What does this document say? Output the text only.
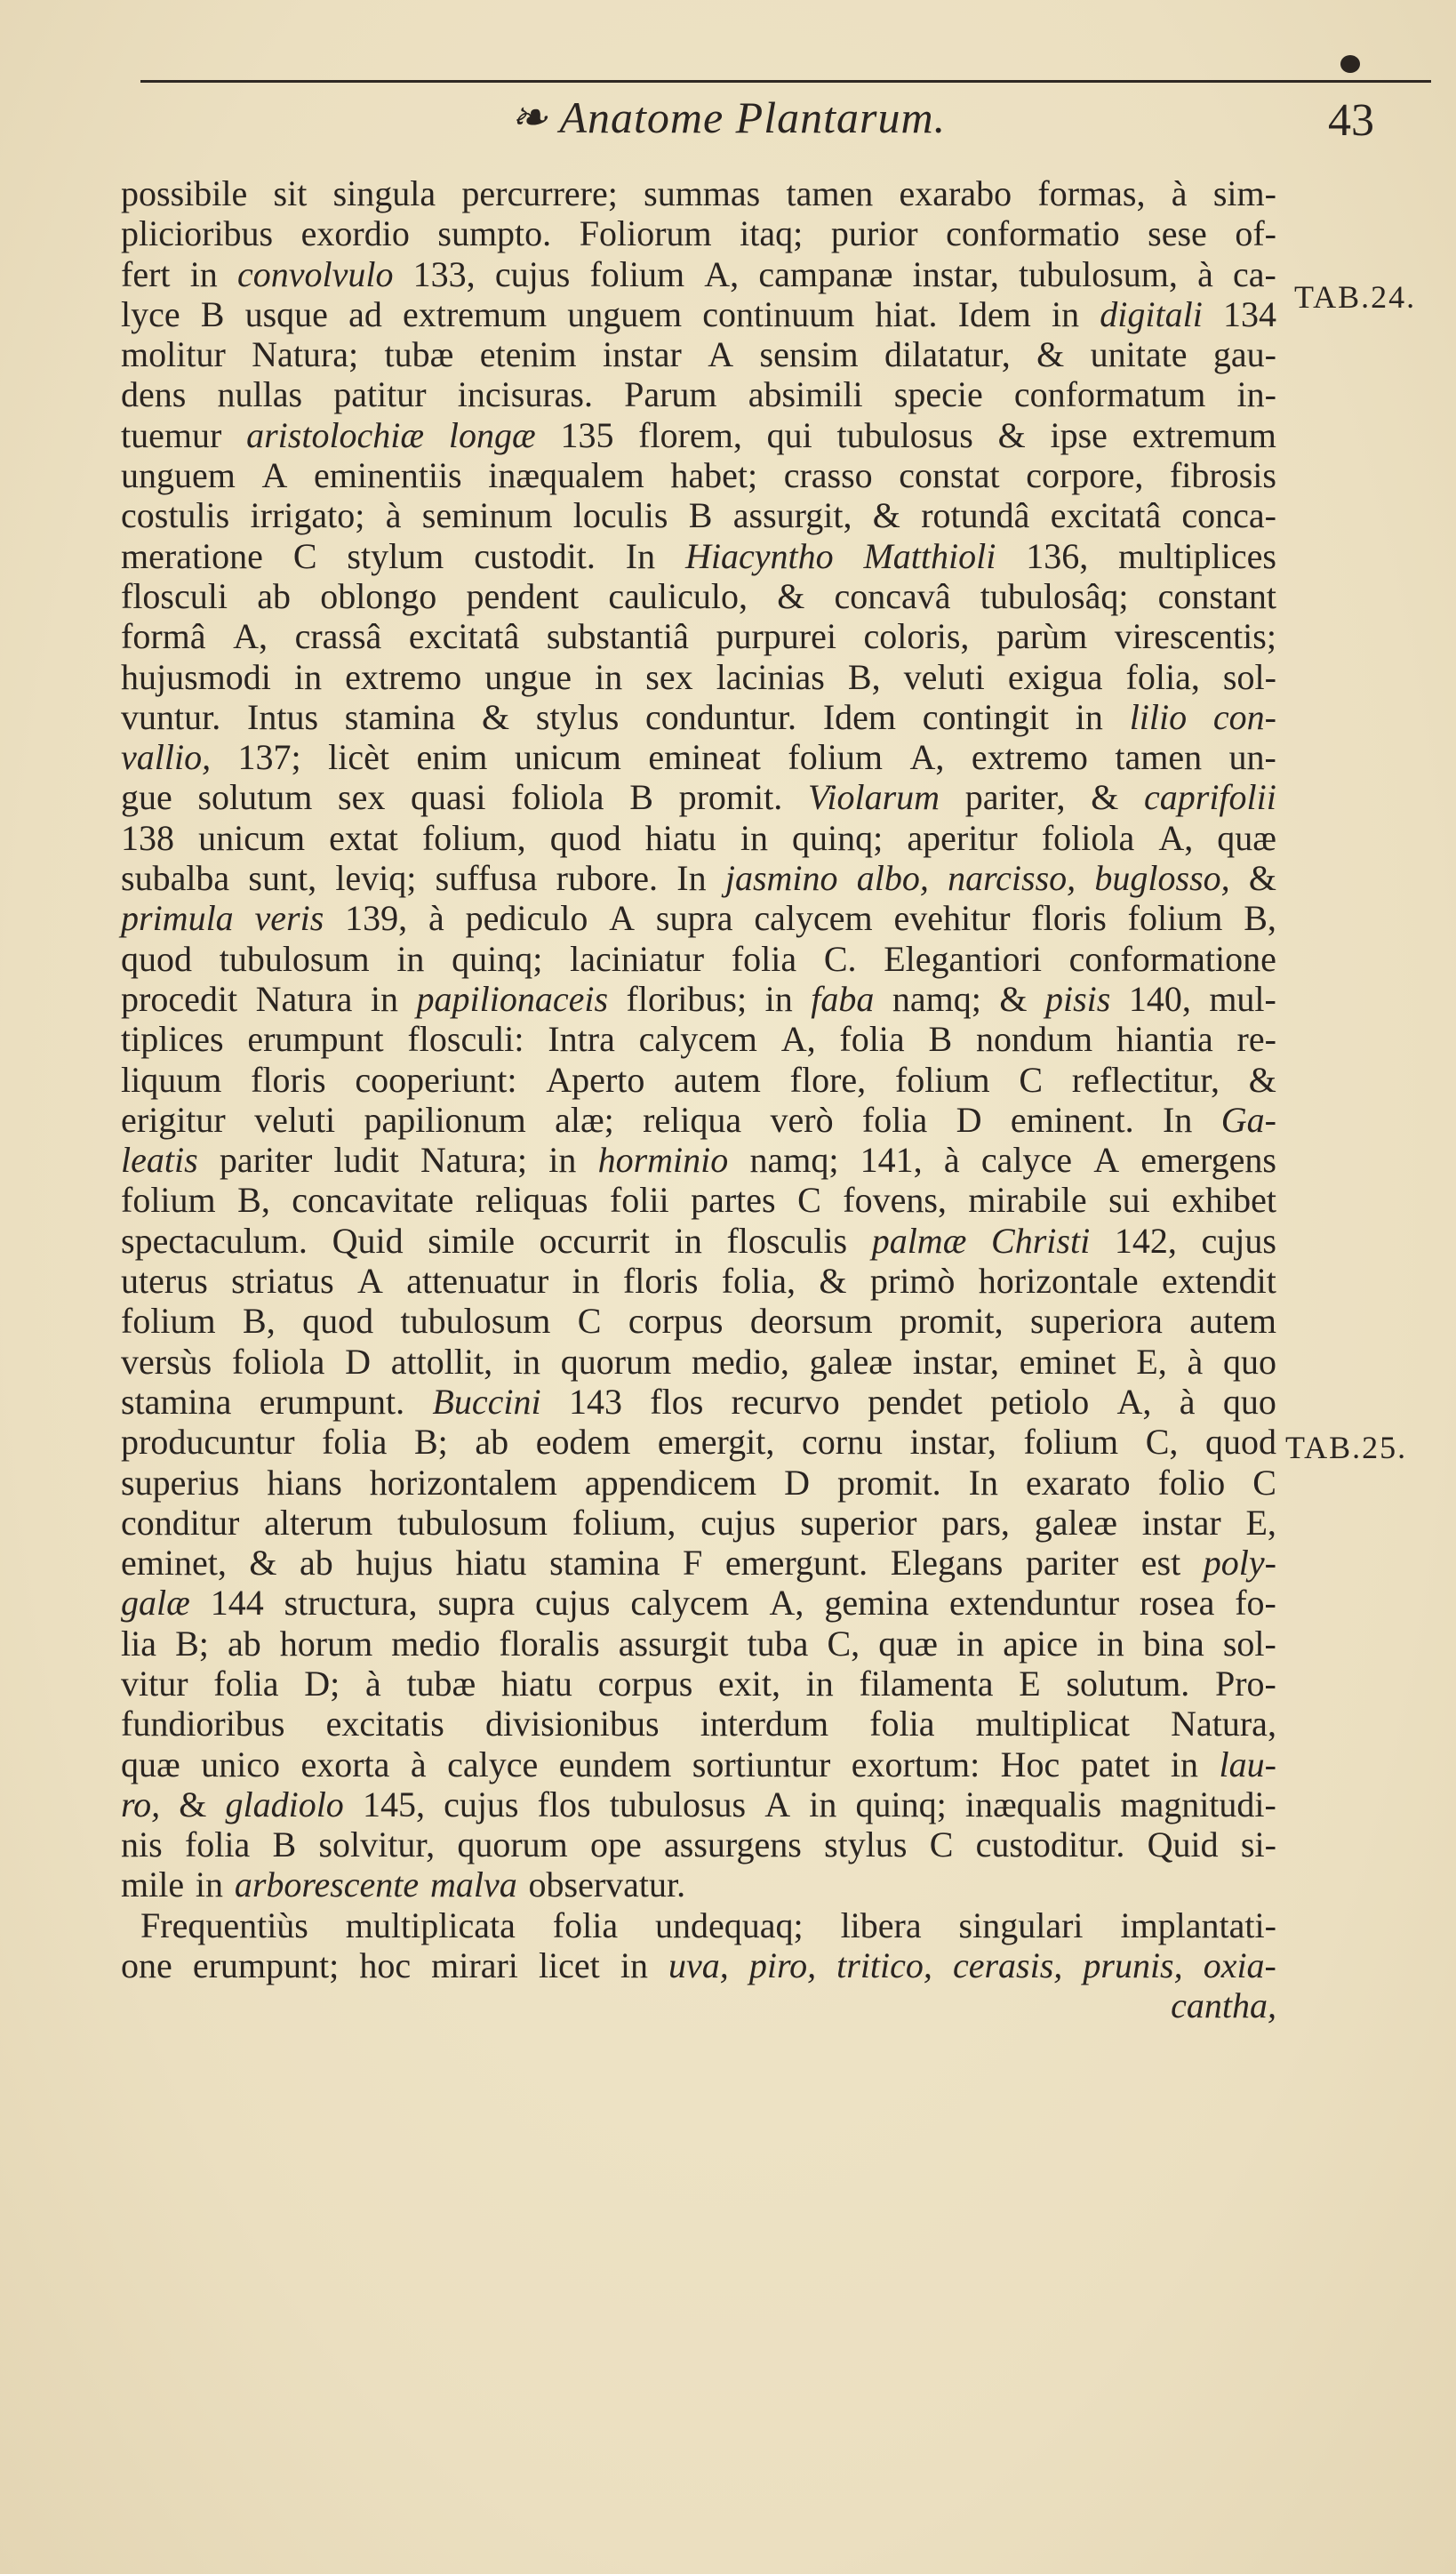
❧ Anatome Plantarum.	43
TAB.24.
TAB.25.
possibile sit singula percurrere; summas tamen exarabo formas, à sim-
plicioribus exordio sumpto. Foliorum itaq; purior conformatio sese of-
fert in convolvulo 133, cujus folium A, campanæ instar, tubulosum, à ca-
lyce B usque ad extremum unguem continuum hiat. Idem in digitali 134
molitur Natura; tubæ etenim instar A sensim dilatatur, & unitate gau-
dens nullas patitur incisuras. Parum absimili specie conformatum in-
tuemur aristolochiæ longæ 135 florem, qui tubulosus & ipse extremum
unguem A eminentiis inæqualem habet; crasso constat corpore, fibrosis
costulis irrigato; à seminum loculis B assurgit, & rotundâ excitatâ conca-
meratione C stylum custodit. In Hiacyntho Matthioli 136, multiplices
flosculi ab oblongo pendent cauliculo, & concavâ tubulosâq; constant
formâ A, crassâ excitatâ substantiâ purpurei coloris, parùm virescentis;
hujusmodi in extremo ungue in sex lacinias B, veluti exigua folia, sol-
vuntur. Intus stamina & stylus conduntur. Idem contingit in lilio con-
vallio, 137; licèt enim unicum emineat folium A, extremo tamen un-
gue solutum sex quasi foliola B promit. Violarum pariter, & caprifolii
138 unicum extat folium, quod hiatu in quinq; aperitur foliola A, quæ
subalba sunt, leviq; suffusa rubore. In jasmino albo, narcisso, buglosso, &
primula veris 139, à pediculo A supra calycem evehitur floris folium B,
quod tubulosum in quinq; laciniatur folia C. Elegantiori conformatione
procedit Natura in papilionaceis floribus; in faba namq; & pisis 140, mul-
tiplices erumpunt flosculi: Intra calycem A, folia B nondum hiantia re-
liquum floris cooperiunt: Aperto autem flore, folium C reflectitur, &
erigitur veluti papilionum alæ; reliqua verò folia D eminent. In Ga-
leatis pariter ludit Natura; in horminio namq; 141, à calyce A emergens
folium B, concavitate reliquas folii partes C fovens, mirabile sui exhibet
spectaculum. Quid simile occurrit in flosculis palmæ Christi 142, cujus
uterus striatus A attenuatur in floris folia, & primò horizontale extendit
folium B, quod tubulosum C corpus deorsum promit, superiora autem
versùs foliola D attollit, in quorum medio, galeæ instar, eminet E, à quo
stamina erumpunt. Buccini 143 flos recurvo pendet petiolo A, à quo
producuntur folia B; ab eodem emergit, cornu instar, folium C, quod
superius hians horizontalem appendicem D promit. In exarato folio C
conditur alterum tubulosum folium, cujus superior pars, galeæ instar E,
eminet, & ab hujus hiatu stamina F emergunt. Elegans pariter est poly-
galæ 144 structura, supra cujus calycem A, gemina extenduntur rosea fo-
lia B; ab horum medio floralis assurgit tuba C, quæ in apice in bina sol-
vitur folia D; à tubæ hiatu corpus exit, in filamenta E solutum. Pro-
fundioribus excitatis divisionibus interdum folia multiplicat Natura,
quæ unico exorta à calyce eundem sortiuntur exortum: Hoc patet in lau-
ro, & gladiolo 145, cujus flos tubulosus A in quinq; inæqualis magnitudi-
nis folia B solvitur, quorum ope assurgens stylus C custoditur. Quid si-
mile in arborescente malva observatur.
Frequentiùs multiplicata folia undequaq; libera singulari implantati-
one erumpunt; hoc mirari licet in uva, piro, tritico, cerasis, prunis, oxia-
cantha,
